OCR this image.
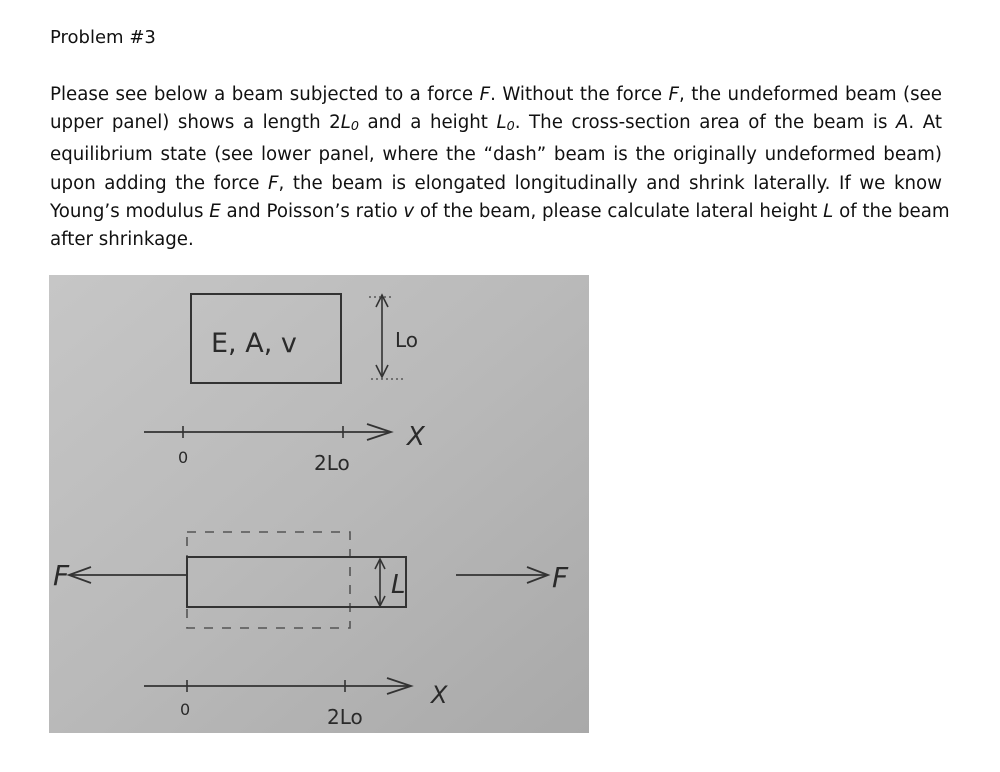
Problem #3
Please see below a beam subjected to a force F. Without the force F, the undeformed beam (see
upper panel) shows a length $2L_0$ and a height $L_0$. The cross-section area of the beam is A. At
equilibrium state (see lower panel, where the “dash” beam is the originally undeformed beam)
upon adding the force F, the beam is elongated longitudinally and shrink laterally. If we know
Young’s modulus E and Poisson’s ratio v of the beam, please calculate lateral height L of the beam
after shrinkage.
E, A, v	Lo
0	2Lo
X
F	F
L
0	2Lo
X
